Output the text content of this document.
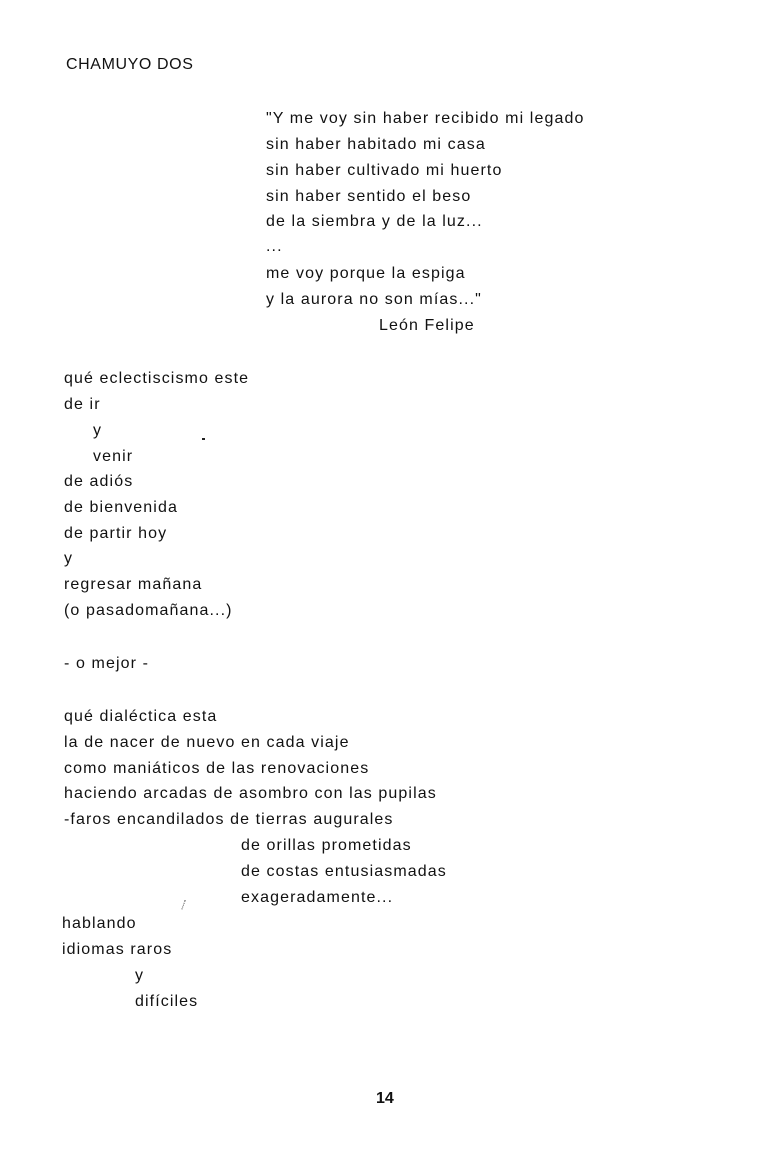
CHAMUYO DOS
"Y me voy sin haber recibido mi legado
sin haber habitado mi casa
sin haber cultivado mi huerto
sin haber sentido el beso
de la siembra y de la luz...
...
me voy porque la espiga
y la aurora no son mías..."
León Felipe
qué eclectiscismo este
de ir
y
venir
de adiós
de bienvenida
de partir hoy
y
regresar mañana
(o pasadomañana...)
- o mejor -
qué dialéctica esta
la de nacer de nuevo en cada viaje
como maniáticos de las renovaciones
haciendo arcadas de asombro con las pupilas
-faros encandilados de tierras augurales
de orillas prometidas
de costas entusiasmadas
exageradamente...
hablando
idiomas raros
y
difíciles
14
